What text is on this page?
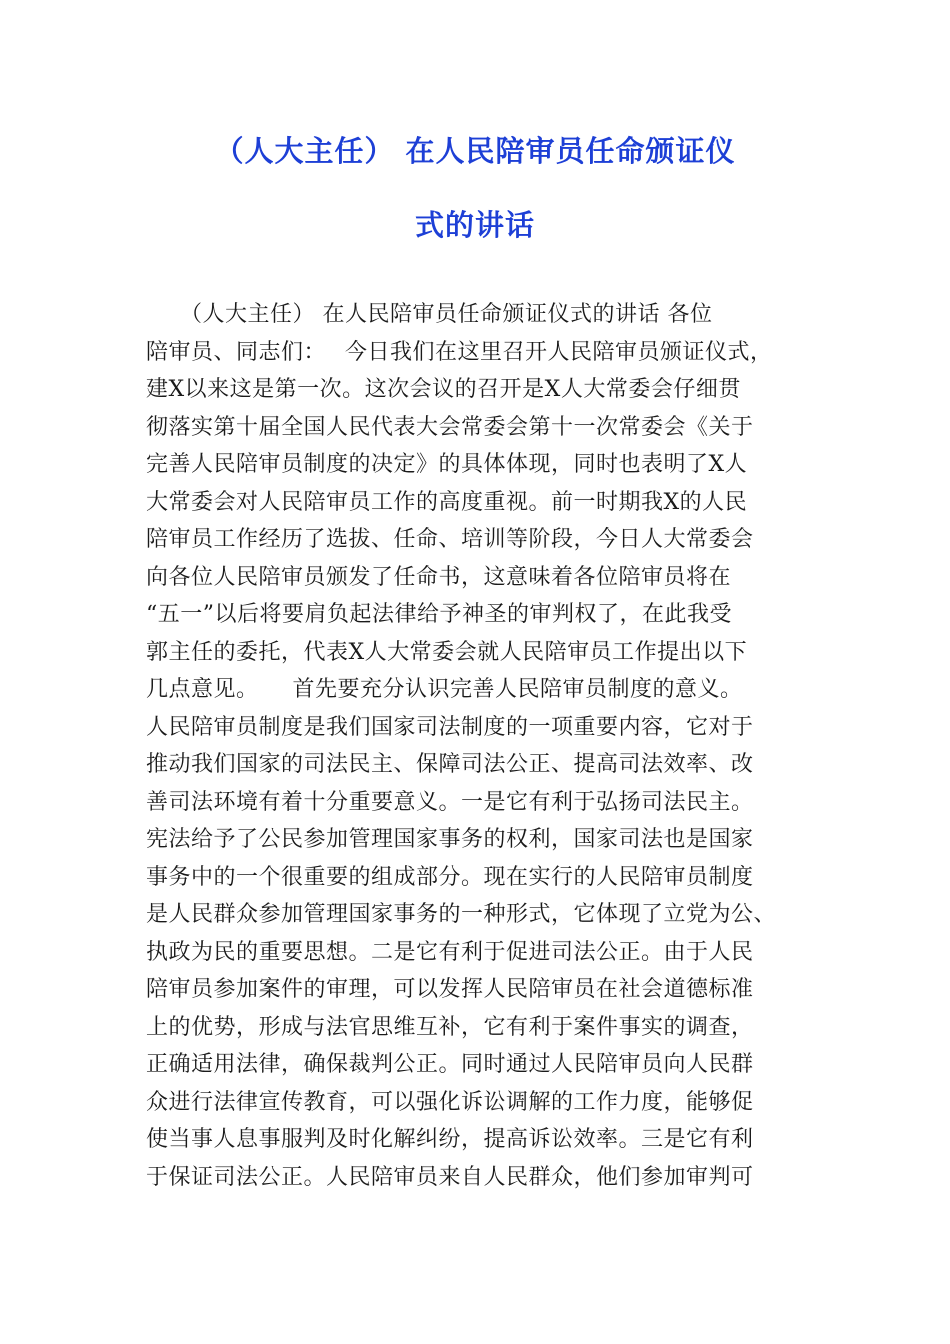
（人大主任） 在人民陪审员任命颁证仪
式的讲话
　　（人大主任） 在人民陪审员任命颁证仪式的讲话 各位
陪审员、同志们：　 今日我们在这里召开人民陪审员颁证仪式，
建X以来这是第一次。这次会议的召开是X人大常委会仔细贯
彻落实第十届全国人民代表大会常委会第十一次常委会《关于
完善人民陪审员制度的决定》的具体体现，同时也表明了X人
大常委会对人民陪审员工作的高度重视。前一时期我X的人民
陪审员工作经历了选拔、任命、培训等阶段，今日人大常委会
向各位人民陪审员颁发了任命书，这意味着各位陪审员将在
“五一”以后将要肩负起法律给予神圣的审判权了，在此我受
郭主任的委托，代表X人大常委会就人民陪审员工作提出以下
几点意见。　　首先要充分认识完善人民陪审员制度的意义。
人民陪审员制度是我们国家司法制度的一项重要内容，它对于
推动我们国家的司法民主、保障司法公正、提高司法效率、改
善司法环境有着十分重要意义。一是它有利于弘扬司法民主。
宪法给予了公民参加管理国家事务的权利，国家司法也是国家
事务中的一个很重要的组成部分。现在实行的人民陪审员制度
是人民群众参加管理国家事务的一种形式，它体现了立党为公、
执政为民的重要思想。二是它有利于促进司法公正。由于人民
陪审员参加案件的审理，可以发挥人民陪审员在社会道德标准
上的优势，形成与法官思维互补，它有利于案件事实的调查，
正确适用法律，确保裁判公正。同时通过人民陪审员向人民群
众进行法律宣传教育，可以强化诉讼调解的工作力度，能够促
使当事人息事服判及时化解纠纷，提高诉讼效率。三是它有利
于保证司法公正。人民陪审员来自人民群众，他们参加审判可
